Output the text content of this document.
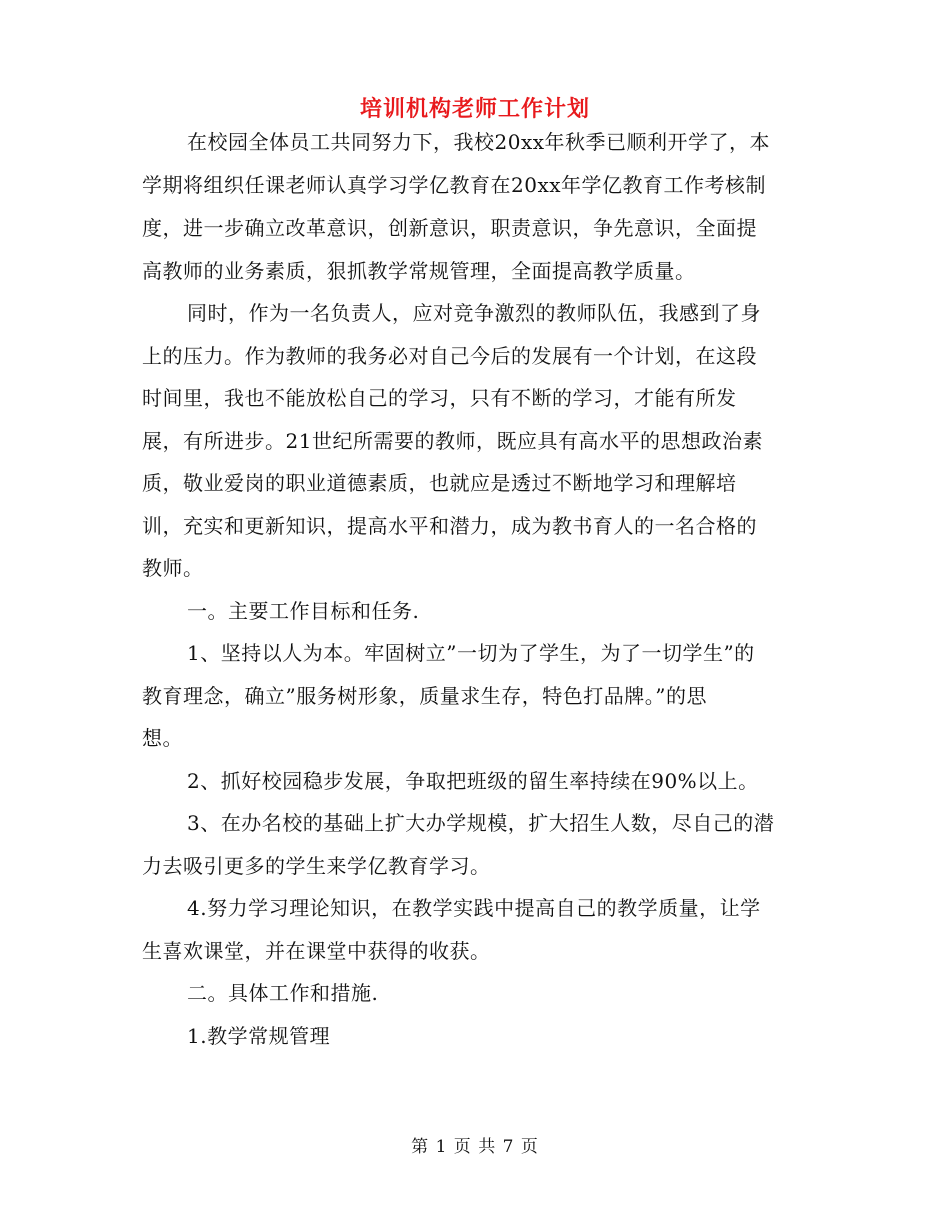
培训机构老师工作计划
在校园全体员工共同努力下，我校20xx年秋季已顺利开学了，本
学期将组织任课老师认真学习学亿教育在20xx年学亿教育工作考核制
度，进一步确立改革意识，创新意识，职责意识，争先意识，全面提
高教师的业务素质，狠抓教学常规管理，全面提高教学质量。
同时，作为一名负责人，应对竞争激烈的教师队伍，我感到了身
上的压力。作为教师的我务必对自己今后的发展有一个计划，在这段
时间里，我也不能放松自己的学习，只有不断的学习，才能有所发
展，有所进步。21世纪所需要的教师，既应具有高水平的思想政治素
质，敬业爱岗的职业道德素质，也就应是透过不断地学习和理解培
训，充实和更新知识，提高水平和潜力，成为教书育人的一名合格的
教师。
一。主要工作目标和任务.
1、坚持以人为本。牢固树立”一切为了学生，为了一切学生”的
教育理念，确立”服务树形象，质量求生存，特色打品牌。”的思
想。
2、抓好校园稳步发展，争取把班级的留生率持续在90%以上。
3、在办名校的基础上扩大办学规模，扩大招生人数，尽自己的潜
力去吸引更多的学生来学亿教育学习。
4.努力学习理论知识，在教学实践中提高自己的教学质量，让学
生喜欢课堂，并在课堂中获得的收获。
二。具体工作和措施.
1.教学常规管理
第 1 页 共 7 页
